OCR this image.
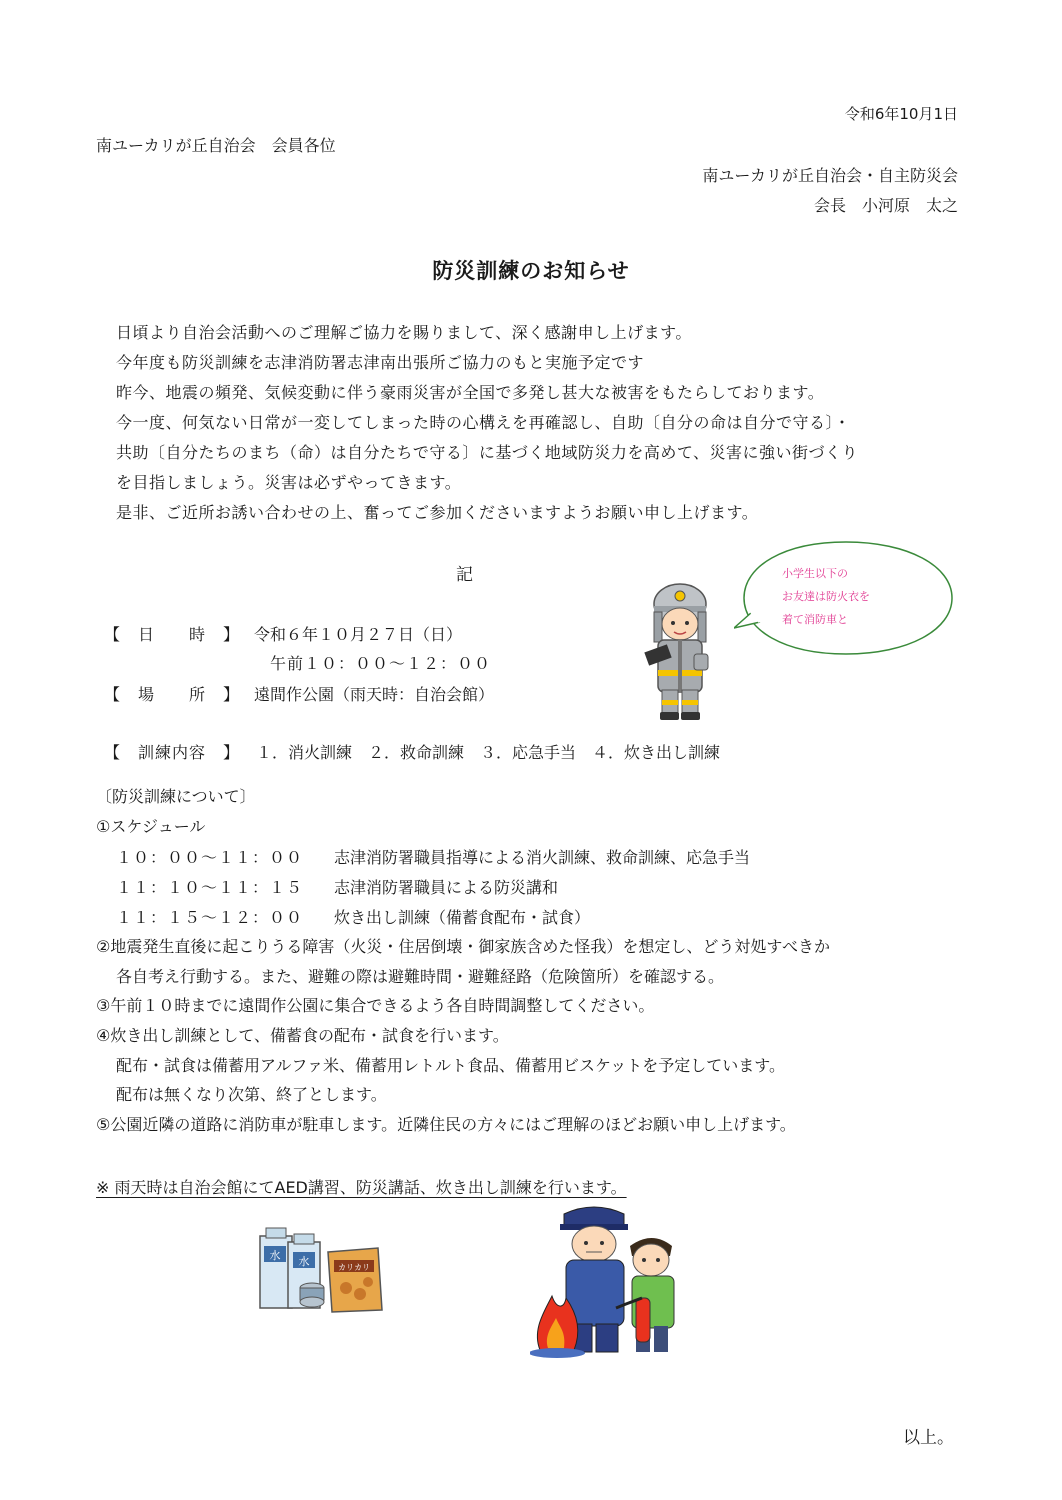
令和6年10月1日
南ユーカリが丘自治会　会員各位
南ユーカリが丘自治会・自主防災会
会長　小河原　太之
防災訓練のお知らせ
日頃より自治会活動へのご理解ご協力を賜りまして、深く感謝申し上げます。
今年度も防災訓練を志津消防署志津南出張所ご協力のもと実施予定です
昨今、地震の頻発、気候変動に伴う豪雨災害が全国で多発し甚大な被害をもたらしております。
今一度、何気ない日常が一変してしまった時の心構えを再確認し、自助〔自分の命は自分で守る〕・
共助〔自分たちのまち（命）は自分たちで守る〕に基づく地域防災力を高めて、災害に強い街づくり
を目指しましょう。災害は必ずやってきます。
是非、ご近所お誘い合わせの上、奮ってご参加くださいますようお願い申し上げます。
記
【　日　　時　】 令和６年１０月２７日（日）
午前１０：００～１２：００
【　場　　所　】 遠間作公園（雨天時：自治会館）
【　訓練内容　】 １．消火訓練　２．救命訓練　３．応急手当　４．炊き出し訓練
小学生以下の
お友達は防火衣を
着て消防車と
〔防災訓練について〕
①スケジュール
１０：００～１１：００ 志津消防署職員指導による消火訓練、救命訓練、応急手当
１１：１０～１１：１５ 志津消防署職員による防災講和
１１：１５～１２：００ 炊き出し訓練（備蓄食配布・試食）
②地震発生直後に起こりうる障害（火災・住居倒壊・御家族含めた怪我）を想定し、どう対処すべきか
各自考え行動する。また、避難の際は避難時間・避難経路（危険箇所）を確認する。
③午前１０時までに遠間作公園に集合できるよう各自時間調整してください。
④炊き出し訓練として、備蓄食の配布・試食を行います。
配布・試食は備蓄用アルファ米、備蓄用レトルト食品、備蓄用ビスケットを予定しています。
配布は無くなり次第、終了とします。
⑤公園近隣の道路に消防車が駐車します。近隣住民の方々にはご理解のほどお願い申し上げます。
※ 雨天時は自治会館にてAED講習、防災講話、炊き出し訓練を行います。
水 水	カリカリ
以上。
